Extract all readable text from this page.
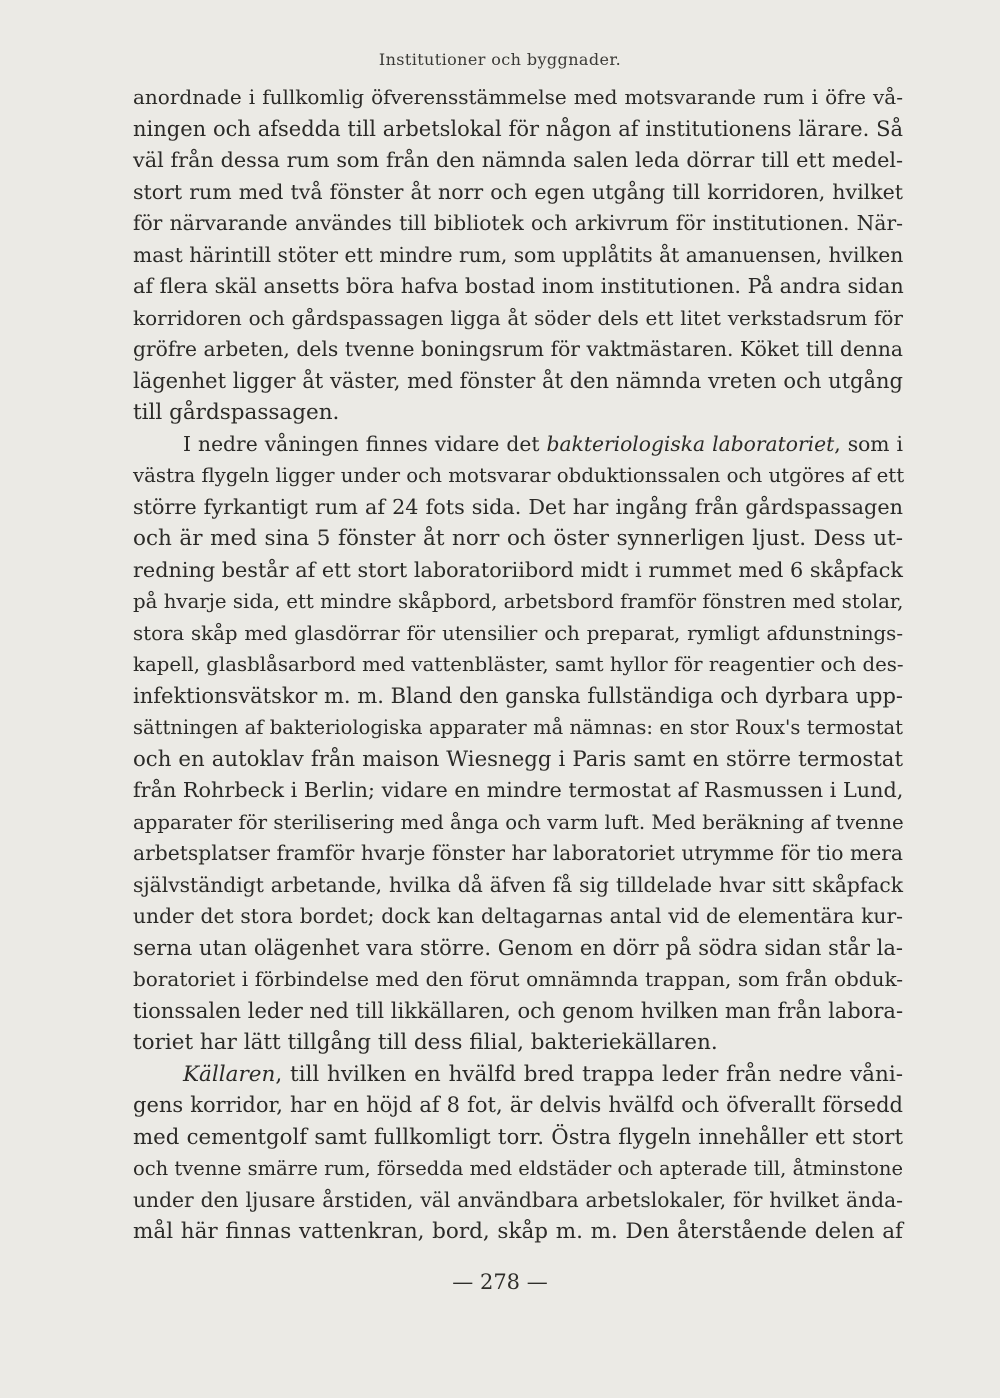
Institutioner och byggnader.
anordnade i fullkomlig öfverensstämmelse med motsvarande rum i öfre vå-
ningen och afsedda till arbetslokal för någon af institutionens lärare. Så
väl från dessa rum som från den nämnda salen leda dörrar till ett medel-
stort rum med två fönster åt norr och egen utgång till korridoren, hvilket
för närvarande användes till bibliotek och arkivrum för institutionen. När-
mast härintill stöter ett mindre rum, som upplåtits åt amanuensen, hvilken
af flera skäl ansetts böra hafva bostad inom institutionen. På andra sidan
korridoren och gårdspassagen ligga åt söder dels ett litet verkstadsrum för
gröfre arbeten, dels tvenne boningsrum för vaktmästaren. Köket till denna
lägenhet ligger åt väster, med fönster åt den nämnda vreten och utgång
till gårdspassagen.
I nedre våningen finnes vidare det bakteriologiska laboratoriet, som i
västra flygeln ligger under och motsvarar obduktionssalen och utgöres af ett
större fyrkantigt rum af 24 fots sida. Det har ingång från gårdspassagen
och är med sina 5 fönster åt norr och öster synnerligen ljust. Dess ut-
redning består af ett stort laboratoriibord midt i rummet med 6 skåpfack
på hvarje sida, ett mindre skåpbord, arbetsbord framför fönstren med stolar,
stora skåp med glasdörrar för utensilier och preparat, rymligt afdunstnings-
kapell, glasblåsarbord med vattenbläster, samt hyllor för reagentier och des-
infektionsvätskor m. m. Bland den ganska fullständiga och dyrbara upp-
sättningen af bakteriologiska apparater må nämnas: en stor Roux's termostat
och en autoklav från maison Wiesnegg i Paris samt en större termostat
från Rohrbeck i Berlin; vidare en mindre termostat af Rasmussen i Lund,
apparater för sterilisering med ånga och varm luft. Med beräkning af tvenne
arbetsplatser framför hvarje fönster har laboratoriet utrymme för tio mera
självständigt arbetande, hvilka då äfven få sig tilldelade hvar sitt skåpfack
under det stora bordet; dock kan deltagarnas antal vid de elementära kur-
serna utan olägenhet vara större. Genom en dörr på södra sidan står la-
boratoriet i förbindelse med den förut omnämnda trappan, som från obduk-
tionssalen leder ned till likkällaren, och genom hvilken man från labora-
toriet har lätt tillgång till dess filial, bakteriekällaren.
Källaren, till hvilken en hvälfd bred trappa leder från nedre våni-
gens korridor, har en höjd af 8 fot, är delvis hvälfd och öfverallt försedd
med cementgolf samt fullkomligt torr. Östra flygeln innehåller ett stort
och tvenne smärre rum, försedda med eldstäder och apterade till, åtminstone
under den ljusare årstiden, väl användbara arbetslokaler, för hvilket ända-
mål här finnas vattenkran, bord, skåp m. m. Den återstående delen af
— 278 —
